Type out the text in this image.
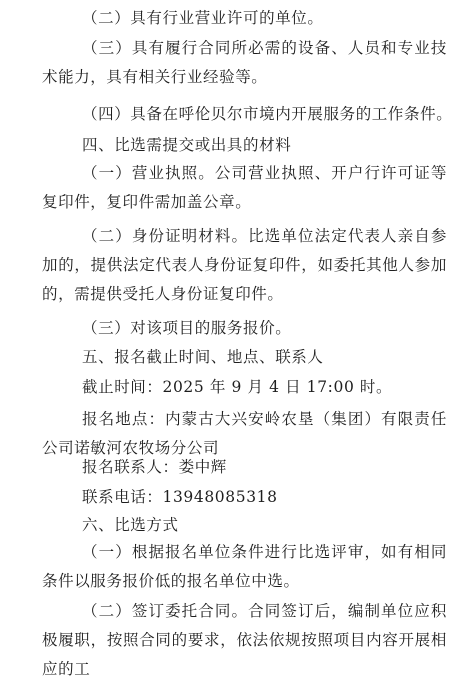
（二）具有行业营业许可的单位。

（三）具有履行合同所必需的设备、人员和专业技术能力，具有相关行业经验等。

（四）具备在呼伦贝尔市境内开展服务的工作条件。

四、比选需提交或出具的材料

（一）营业执照。公司营业执照、开户行许可证等复印件，复印件需加盖公章。

（二）身份证明材料。比选单位法定代表人亲自参加的，提供法定代表人身份证复印件，如委托其他人参加的，需提供受托人身份证复印件。

（三）对该项目的服务报价。

五、报名截止时间、地点、联系人

截止时间：2025 年 9 月 4 日 17:00 时。

报名地点：内蒙古大兴安岭农垦（集团）有限责任公司诺敏河农牧场分公司

报名联系人：娄中辉

联系电话：13948085318

六、比选方式

（一）根据报名单位条件进行比选评审，如有相同条件以服务报价低的报名单位中选。

（二）签订委托合同。合同签订后，编制单位应积极履职，按照合同的要求，依法依规按照项目内容开展相应的工
